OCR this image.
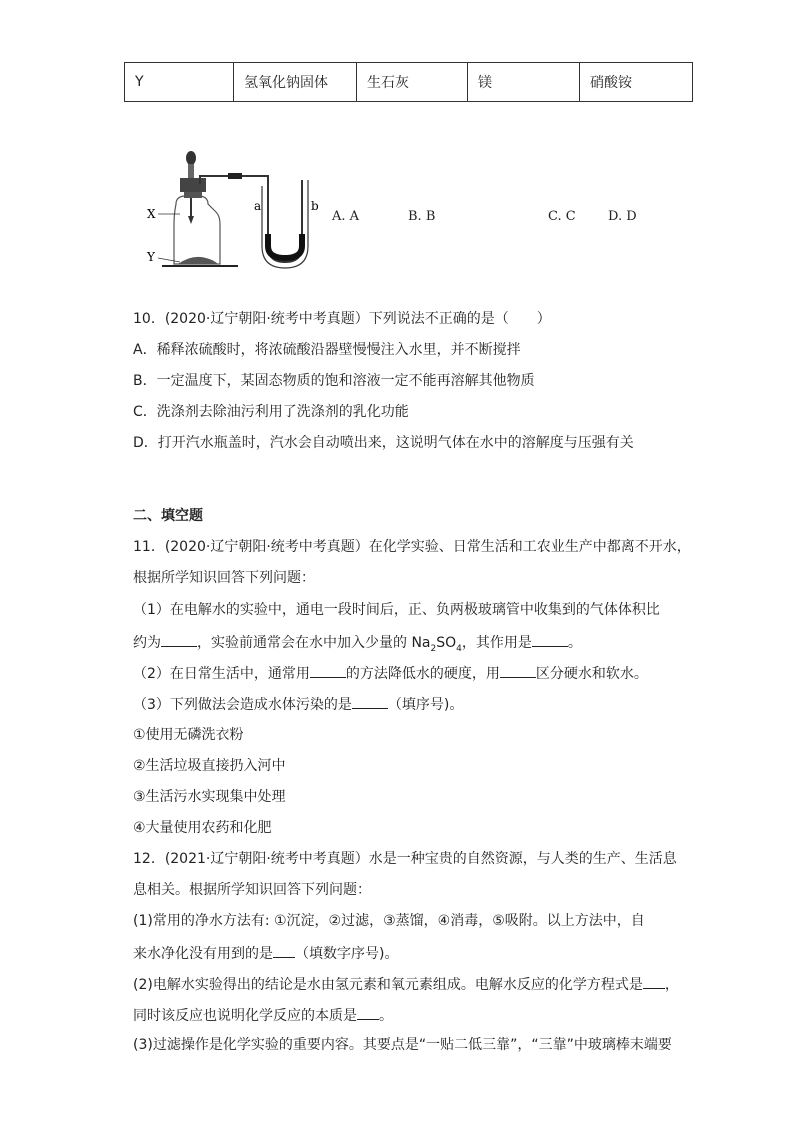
Y	氢氧化钠固体	生石灰	镁	硝酸铵
X
Y
a	b
A. A	B. B	C. C D. D
10．(2020·辽宁朝阳·统考中考真题）下列说法不正确的是（　　）
A．稀释浓硫酸时，将浓硫酸沿器壁慢慢注入水里，并不断搅拌
B．一定温度下，某固态物质的饱和溶液一定不能再溶解其他物质
C．洗涤剂去除油污利用了洗涤剂的乳化功能
D．打开汽水瓶盖时，汽水会自动喷出来，这说明气体在水中的溶解度与压强有关
二、填空题
11．(2020·辽宁朝阳·统考中考真题）在化学实验、日常生活和工农业生产中都离不开水，
根据所学知识回答下列问题：
（1）在电解水的实验中，通电一段时间后，正、负两极玻璃管中收集到的气体体积比
约为	，实验前通常会在水中加入少量的 $Na_2SO_4$，其作用是	。
（2）在日常生活中，通常用	的方法降低水的硬度，用	区分硬水和软水。
（3）下列做法会造成水体污染的是	（填序号)。
①使用无磷洗衣粉
②生活垃圾直接扔入河中
③生活污水实现集中处理
④大量使用农药和化肥
12．(2021·辽宁朝阳·统考中考真题）水是一种宝贵的自然资源，与人类的生产、生活息
息相关。根据所学知识回答下列问题：
(1)常用的净水方法有: ①沉淀，②过滤，③蒸馏，④消毒，⑤吸附。以上方法中，自
来水净化没有用到的是 （填数字序号)。
(2)电解水实验得出的结论是水由氢元素和氧元素组成。电解水反应的化学方程式是 ，
同时该反应也说明化学反应的本质是 。
(3)过滤操作是化学实验的重要内容。其要点是“一贴二低三靠”，“三靠”中玻璃棒末端要
